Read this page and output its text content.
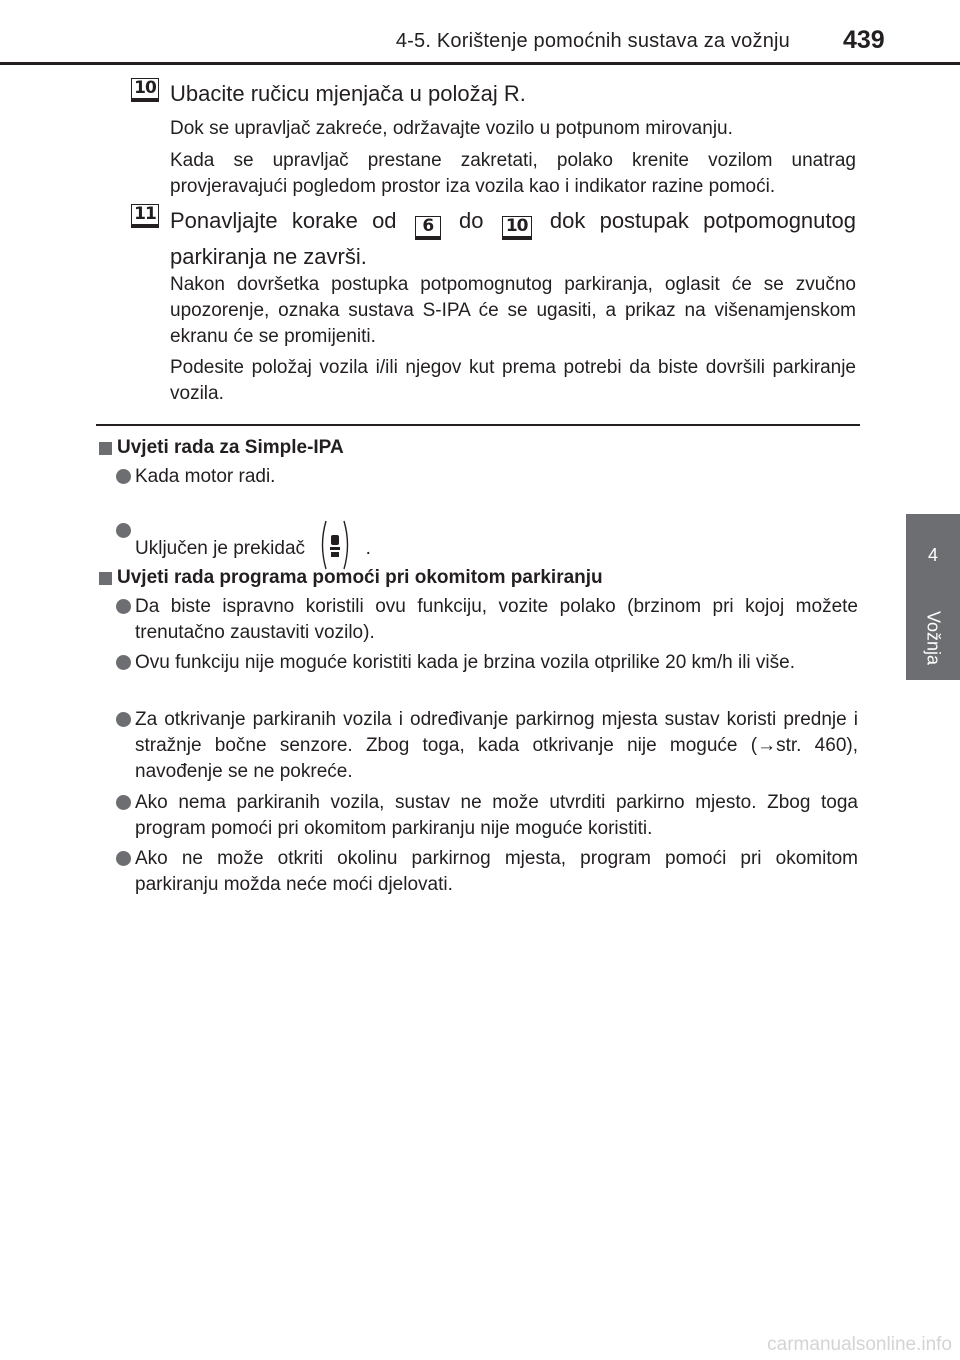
4-5. Korištenje pomoćnih sustava za vožnju 439
4
Vožnja
10 Ubacite ručicu mjenjača u položaj R.
Dok se upravljač zakreće, održavajte vozilo u potpunom mirovanju.
Kada se upravljač prestane zakretati, polako krenite vozilom unatrag provjeravajući pogledom prostor iza vozila kao i indikator razine pomoći.
11 Ponavljajte korake od 6 do 10 dok postupak potpomognutog parkiranja ne završi.
Nakon dovršetka postupka potpomognutog parkiranja, oglasit će se zvučno upozorenje, oznaka sustava S-IPA će se ugasiti, a prikaz na višenamjenskom ekranu će se promijeniti.
Podesite položaj vozila i/ili njegov kut prema potrebi da biste dovršili parkiranje vozila.
Uvjeti rada za Simple-IPA
Kada motor radi.
Uključen je prekidač	.
Uvjeti rada programa pomoći pri okomitom parkiranju
Da biste ispravno koristili ovu funkciju, vozite polako (brzinom pri kojoj možete trenutačno zaustaviti vozilo).
Ovu funkciju nije moguće koristiti kada je brzina vozila otprilike 20 km/h ili više.
Za otkrivanje parkiranih vozila i određivanje parkirnog mjesta sustav koristi prednje i stražnje bočne senzore. Zbog toga, kada otkrivanje nije moguće (→str. 460), navođenje se ne pokreće.
Ako nema parkiranih vozila, sustav ne može utvrditi parkirno mjesto. Zbog toga program pomoći pri okomitom parkiranju nije moguće koristiti.
Ako ne može otkriti okolinu parkirnog mjesta, program pomoći pri okomitom parkiranju možda neće moći djelovati.
carmanualsonline.info
